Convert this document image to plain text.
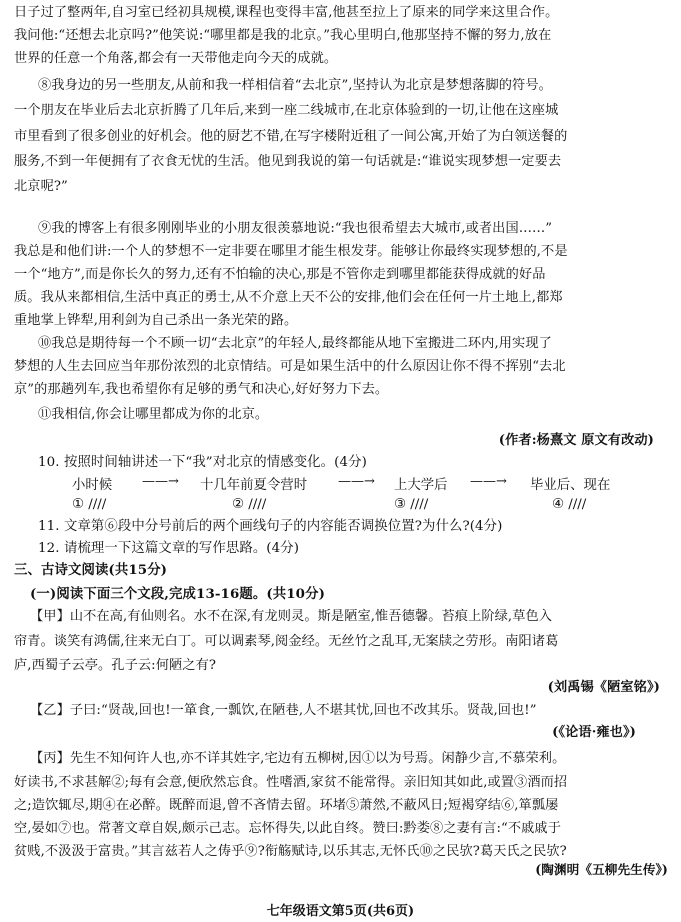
日子过了整两年,自习室已经初具规模,课程也变得丰富,他甚至拉上了原来的同学来这里合作。
我问他:“还想去北京吗?”他笑说:“哪里都是我的北京。”我心里明白,他那坚持不懈的努力,放在
世界的任意一个角落,都会有一天带他走向今天的成就。
⑧我身边的另一些朋友,从前和我一样相信着“去北京”,坚持认为北京是梦想落脚的符号。
一个朋友在毕业后去北京折腾了几年后,来到一座二线城市,在北京体验到的一切,让他在这座城
市里看到了很多创业的好机会。他的厨艺不错,在写字楼附近租了一间公寓,开始了为白领送餐的
服务,不到一年便拥有了衣食无忧的生活。他见到我说的第一句话就是:“谁说实现梦想一定要去
北京呢?”
⑨我的博客上有很多刚刚毕业的小朋友很羡慕地说:“我也很希望去大城市,或者出国……”
我总是和他们讲:一个人的梦想不一定非要在哪里才能生根发芽。能够让你最终实现梦想的,不是
一个“地方”,而是你长久的努力,还有不怕输的决心,那是不管你走到哪里都能获得成就的好品
质。我从来都相信,生活中真正的勇士,从不介意上天不公的安排,他们会在任何一片土地上,都郑
重地掌上铧犁,用利剑为自己杀出一条光荣的路。
⑩我总是期待每一个不顾一切“去北京”的年轻人,最终都能从地下室搬进二环内,用实现了
梦想的人生去回应当年那份浓烈的北京情结。可是如果生活中的什么原因让你不得不挥别“去北
京”的那趟列车,我也希望你有足够的勇气和决心,好好努力下去。
⑪我相信,你会让哪里都成为你的北京。
(作者:杨熹文 原文有改动)
10. 按照时间轴讲述一下“我”对北京的情感变化。(4分)
小时候 ——→ 十几年前夏令营时 ——→ 上大学后 ——→ 毕业后、现在
① ////	② ////	③ ////	④ ////
11. 文章第⑥段中分号前后的两个画线句子的内容能否调换位置?为什么?(4分)
12. 请梳理一下这篇文章的写作思路。(4分)
三、古诗文阅读(共15分)
(一)阅读下面三个文段,完成13-16题。(共10分)
【甲】山不在高,有仙则名。水不在深,有龙则灵。斯是陋室,惟吾德馨。苔痕上阶绿,草色入
帘青。谈笑有鸿儒,往来无白丁。可以调素琴,阅金经。无丝竹之乱耳,无案牍之劳形。南阳诸葛
庐,西蜀子云亭。孔子云:何陋之有?
(刘禹锡《陋室铭》)
【乙】子曰:“贤哉,回也!一箪食,一瓢饮,在陋巷,人不堪其忧,回也不改其乐。贤哉,回也!”
(《论语·雍也》)
【丙】先生不知何许人也,亦不详其姓字,宅边有五柳树,因①以为号焉。闲静少言,不慕荣利。
好读书,不求甚解②;每有会意,便欣然忘食。性嗜酒,家贫不能常得。亲旧知其如此,或置③酒而招
之;造饮辄尽,期④在必醉。既醉而退,曾不吝情去留。环堵⑤萧然,不蔽风日;短褐穿结⑥,箪瓢屡
空,晏如⑦也。常著文章自娱,颇示己志。忘怀得失,以此自终。赞曰:黔娄⑧之妻有言:“不戚戚于
贫贱,不汲汲于富贵。”其言兹若人之俦乎⑨?衔觞赋诗,以乐其志,无怀氏⑩之民欤?葛天氏之民欤?
(陶渊明《五柳先生传》)
七年级语文第5页(共6页)
